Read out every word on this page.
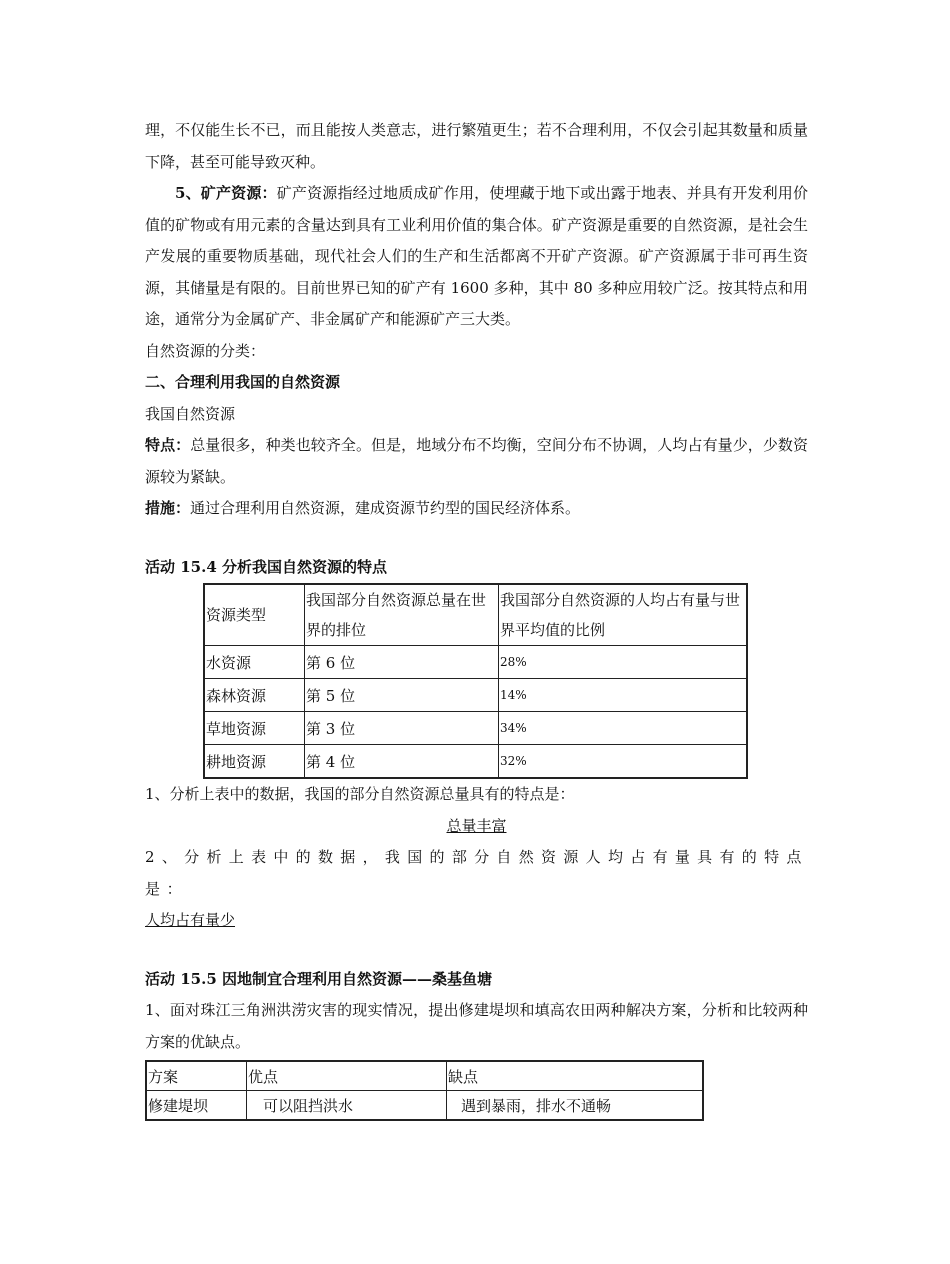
理，不仅能生长不已，而且能按人类意志，进行繁殖更生；若不合理利用，不仅会引起其数量和质量下降，甚至可能导致灭种。

5、矿产资源：矿产资源指经过地质成矿作用，使埋藏于地下或出露于地表、并具有开发利用价值的矿物或有用元素的含量达到具有工业利用价值的集合体。矿产资源是重要的自然资源，是社会生产发展的重要物质基础，现代社会人们的生产和生活都离不开矿产资源。矿产资源属于非可再生资源，其储量是有限的。目前世界已知的矿产有 1600 多种，其中 80 多种应用较广泛。按其特点和用途，通常分为金属矿产、非金属矿产和能源矿产三大类。

自然资源的分类：

二、合理利用我国的自然资源

我国自然资源

特点：总量很多，种类也较齐全。但是，地域分布不均衡，空间分布不协调，人均占有量少，少数资源较为紧缺。

措施：通过合理利用自然资源，建成资源节约型的国民经济体系。

活动 15.4 分析我国自然资源的特点

资源类型	我国部分自然资源总量在世界的排位	我国部分自然资源的人均占有量与世界平均值的比例
水资源	第 6 位	28%
森林资源	第 5 位	14%
草地资源	第 3 位	34%
耕地资源	第 4 位	32%

1、分析上表中的数据，我国的部分自然资源总量具有的特点是：

总量丰富

2、分析上表中的数据，我国的部分自然资源人均占有量具有的特点是：

人均占有量少

活动 15.5 因地制宜合理利用自然资源——桑基鱼塘

1、面对珠江三角洲洪涝灾害的现实情况，提出修建堤坝和填高农田两种解决方案，分析和比较两种方案的优缺点。

方案	优点	缺点
修建堤坝	可以阻挡洪水	遇到暴雨，排水不通畅
